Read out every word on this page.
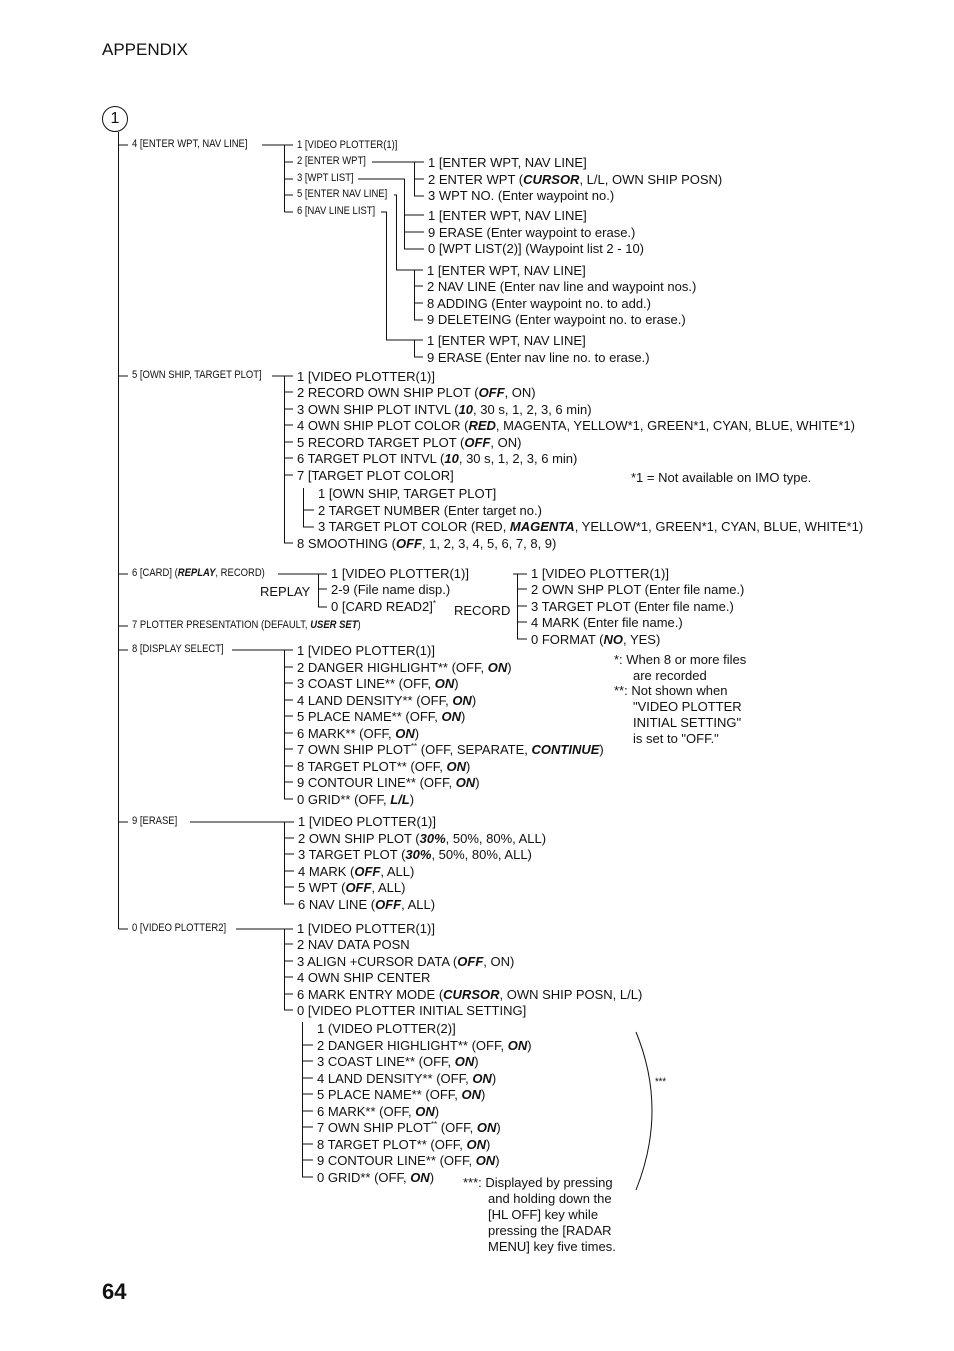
APPENDIX
1
64
4 [ENTER WPT, NAV LINE]	1 [VIDEO PLOTTER(1)]
2 [ENTER WPT]
3 [WPT LIST]
5 [ENTER NAV LINE]
6 [NAV LINE LIST]
1 [ENTER WPT, NAV LINE]
2 ENTER WPT (CURSOR, L/L, OWN SHIP POSN)
3 WPT NO. (Enter waypoint no.)
1 [ENTER WPT, NAV LINE]
9 ERASE (Enter waypoint to erase.)
0 [WPT LIST(2)] (Waypoint list 2 - 10)
1 [ENTER WPT, NAV LINE]
2 NAV LINE (Enter nav line and waypoint nos.)
8 ADDING (Enter waypoint no. to add.)
9 DELETEING (Enter waypoint no. to erase.)
1 [ENTER WPT, NAV LINE]
9 ERASE (Enter nav line no. to erase.)
5 [OWN SHIP, TARGET PLOT]	1 [VIDEO PLOTTER(1)]
2 RECORD OWN SHIP PLOT (OFF, ON)
3 OWN SHIP PLOT INTVL (10, 30 s, 1, 2, 3, 6 min)
4 OWN SHIP PLOT COLOR (RED, MAGENTA, YELLOW*1, GREEN*1, CYAN, BLUE, WHITE*1)
5 RECORD TARGET PLOT (OFF, ON)
6 TARGET PLOT INTVL (10, 30 s, 1, 2, 3, 6 min)
7 [TARGET PLOT COLOR]	*1 = Not available on IMO type.
1 [OWN SHIP, TARGET PLOT]
2 TARGET NUMBER (Enter target no.)
3 TARGET PLOT COLOR (RED, MAGENTA, YELLOW*1, GREEN*1, CYAN, BLUE, WHITE*1)
8 SMOOTHING (OFF, 1, 2, 3, 4, 5, 6, 7, 8, 9)
6 [CARD] (REPLAY, RECORD)
REPLAY
1 [VIDEO PLOTTER(1)]
2-9 (File name disp.)
0 [CARD READ2]* RECORD
1 [VIDEO PLOTTER(1)]
2 OWN SHP PLOT (Enter file name.)
3 TARGET PLOT (Enter file name.)
4 MARK (Enter file name.)
0 FORMAT (NO, YES)
7 PLOTTER PRESENTATION (DEFAULT, USER SET)
8 [DISPLAY SELECT]	1 [VIDEO PLOTTER(1)]
2 DANGER HIGHLIGHT** (OFF, ON)
3 COAST LINE** (OFF, ON)
4 LAND DENSITY** (OFF, ON)
5 PLACE NAME** (OFF, ON)
6 MARK** (OFF, ON)
7 OWN SHIP PLOT** (OFF, SEPARATE, CONTINUE)
8 TARGET PLOT** (OFF, ON)
9 CONTOUR LINE** (OFF, ON)
0 GRID** (OFF, L/L)
*: When 8 or more files
are recorded
**: Not shown when
"VIDEO PLOTTER
INITIAL SETTING"
is set to "OFF."
9 [ERASE]	1 [VIDEO PLOTTER(1)]
2 OWN SHIP PLOT (30%, 50%, 80%, ALL)
3 TARGET PLOT (30%, 50%, 80%, ALL)
4 MARK (OFF, ALL)
5 WPT (OFF, ALL)
6 NAV LINE (OFF, ALL)
0 [VIDEO PLOTTER2]	1 [VIDEO PLOTTER(1)]
2 NAV DATA POSN
3 ALIGN +CURSOR DATA (OFF, ON)
4 OWN SHIP CENTER
6 MARK ENTRY MODE (CURSOR, OWN SHIP POSN, L/L)
0 [VIDEO PLOTTER INITIAL SETTING]
1 (VIDEO PLOTTER(2)]
2 DANGER HIGHLIGHT** (OFF, ON)
3 COAST LINE** (OFF, ON)
4 LAND DENSITY** (OFF, ON)
5 PLACE NAME** (OFF, ON)
6 MARK** (OFF, ON)
7 OWN SHIP PLOT** (OFF, ON)
8 TARGET PLOT** (OFF, ON)
9 CONTOUR LINE** (OFF, ON)
0 GRID** (OFF, ON)
***
***: Displayed by pressing
and holding down the
[HL OFF] key while
pressing the [RADAR
MENU] key five times.
